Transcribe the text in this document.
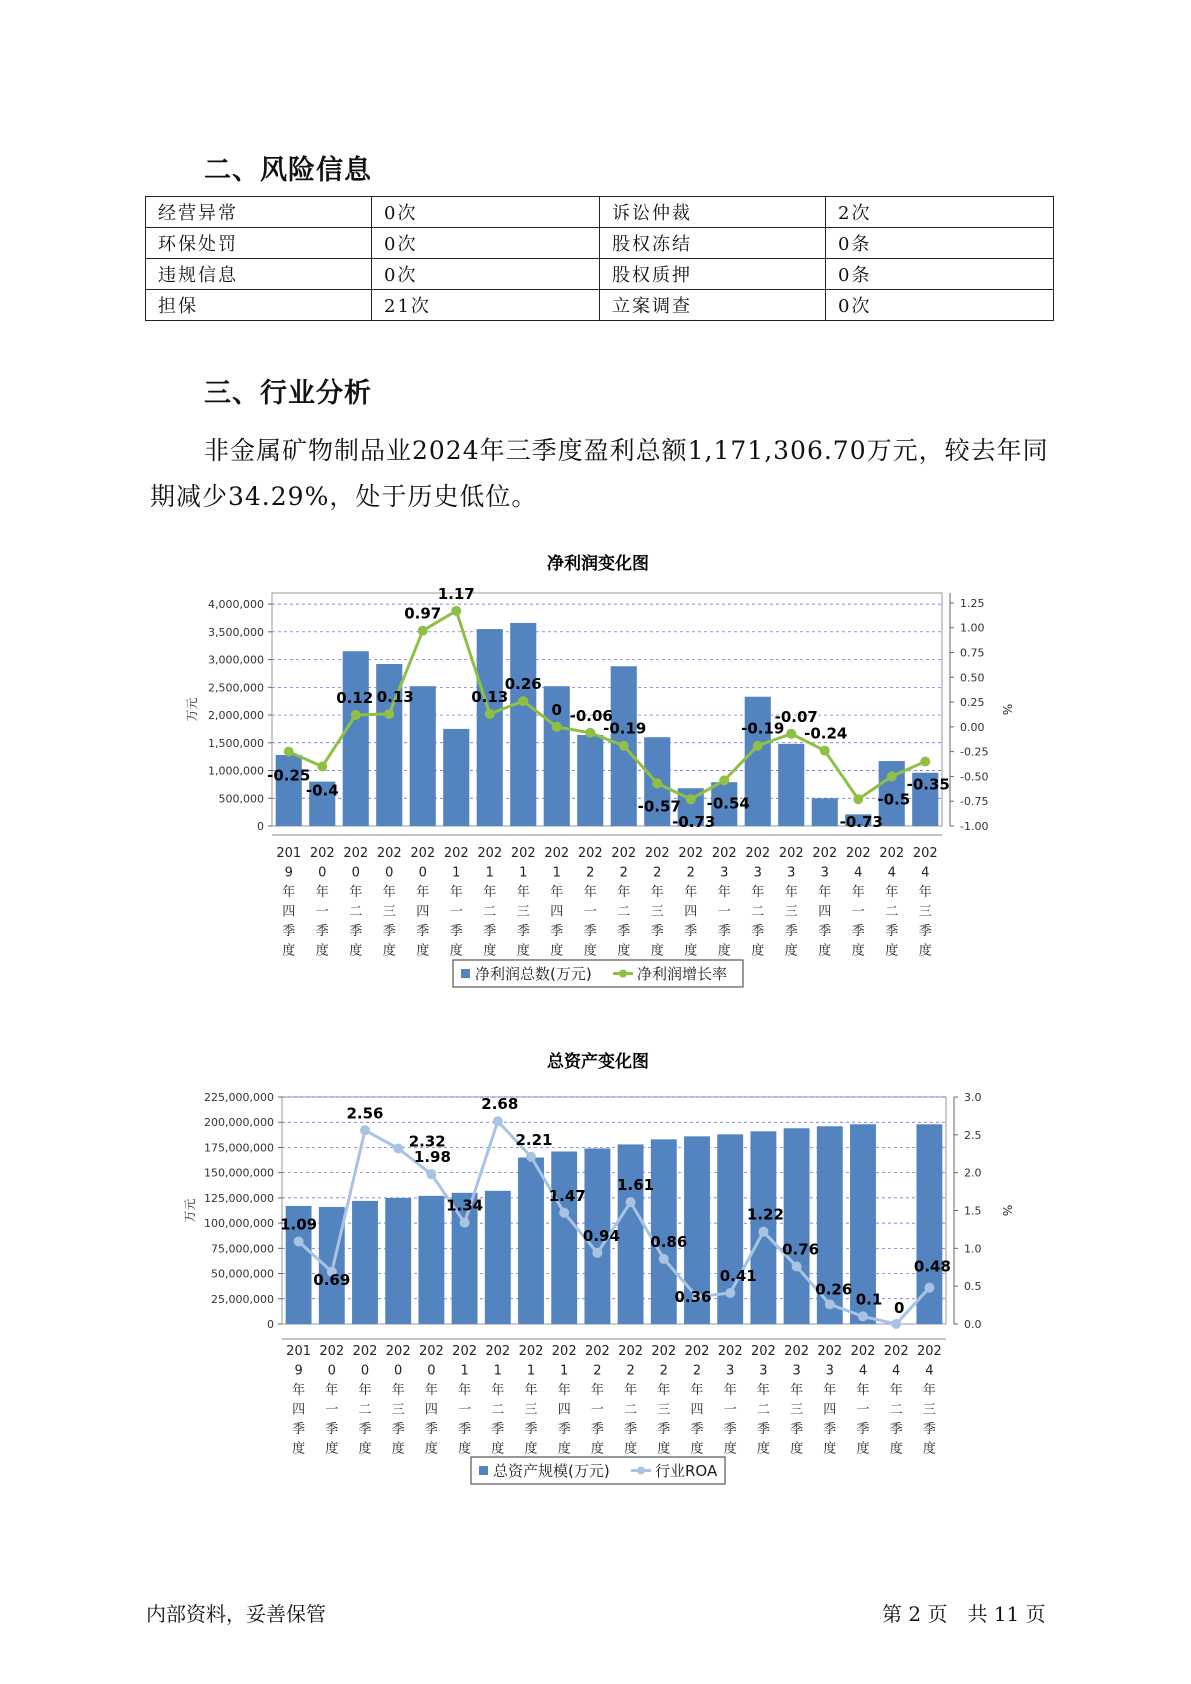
二、风险信息
经营异常	0次	诉讼仲裁	2次
环保处罚	0次	股权冻结	0条
违规信息	0次	股权质押	0条
担保	21次	立案调查	0次
三、行业分析
非金属矿物制品业2024年三季度盈利总额1,171,306.70万元，较去年同期减少34.29%，处于历史低位。
净利润变化图
0
500,000
1,000,000
1,500,000
2,000,000
2,500,000
3,000,000
3,500,000
4,000,000
-1.00
-0.75
-0.50
-0.25
0.00
0.25
0.50
0.75
1.00
1.25
万元	%
-0.25
-0.4
0.12 0.13
0.97
1.17
0.13
0.26
0 -0.06
-0.19
-0.57
-0.73
-0.54
-0.19
-0.07
-0.24
-0.73
-0.5
-0.35
201
9
年
四
季
度
202
0
年
一
季
度
202
0
年
二
季
度
202
0
年
三
季
度
202
0
年
四
季
度
202
1
年
一
季
度
202
1
年
二
季
度
202
1
年
三
季
度
202
1
年
四
季
度
202
2
年
一
季
度
202
2
年
二
季
度
202
2
年
三
季
度
202
2
年
四
季
度
202
3
年
一
季
度
202
3
年
二
季
度
202
3
年
三
季
度
202
3
年
四
季
度
202
4
年
一
季
度
202
4
年
二
季
度
202
4
年
三
季
度
净利润总数(万元)	净利润增长率
总资产变化图
0
25,000,000
50,000,000
75,000,000
100,000,000
125,000,000
150,000,000
175,000,000
200,000,000
225,000,000
0.0
0.5
1.0
1.5
2.0
2.5
3.0
万元	%
1.09
0.69
2.56
2.32
1.98
1.34
2.68
2.21
1.47
0.94
1.61
0.86
0.36
0.41
1.22
0.76
0.26
0.1 0
0.48
201
9
年
四
季
度
202
0
年
一
季
度
202
0
年
二
季
度
202
0
年
三
季
度
202
0
年
四
季
度
202
1
年
一
季
度
202
1
年
二
季
度
202
1
年
三
季
度
202
1
年
四
季
度
202
2
年
一
季
度
202
2
年
二
季
度
202
2
年
三
季
度
202
2
年
四
季
度
202
3
年
一
季
度
202
3
年
二
季
度
202
3
年
三
季
度
202
3
年
四
季
度
202
4
年
一
季
度
202
4
年
二
季
度
202
4
年
三
季
度
总资产规模(万元)	行业ROA
内部资料，妥善保管	第 2 页　共 11 页
